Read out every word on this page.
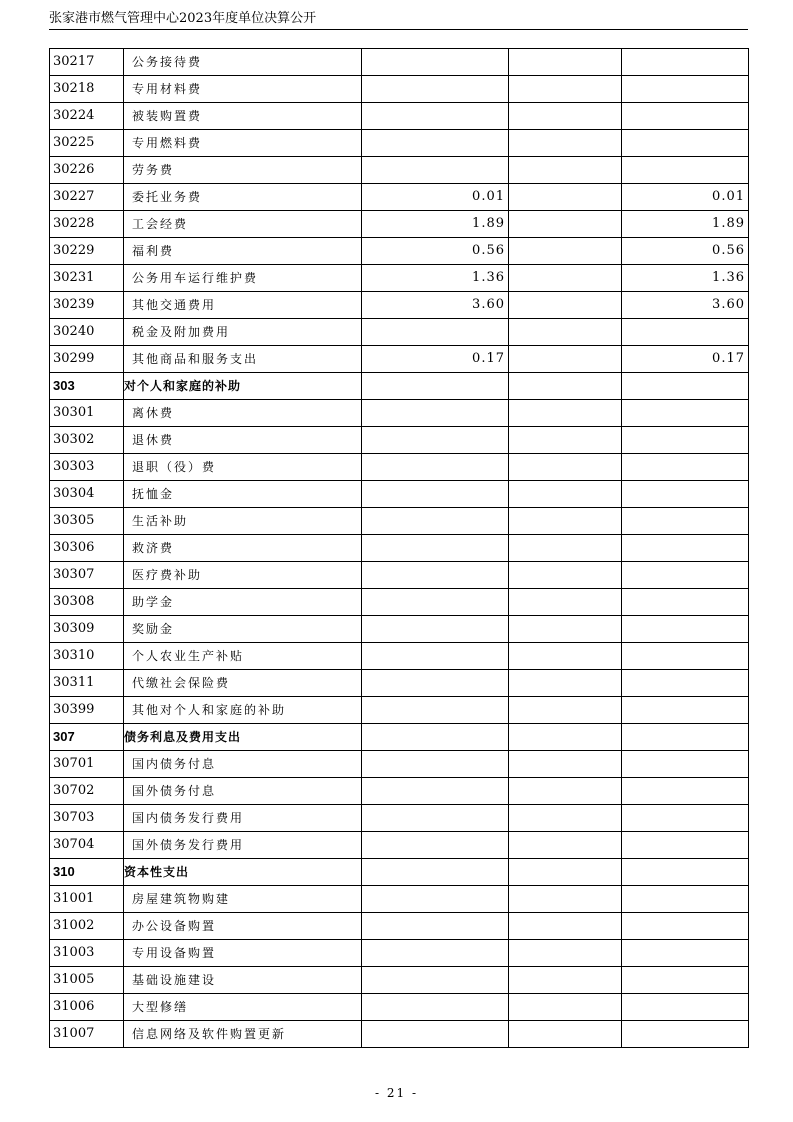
张家港市燃气管理中心2023年度单位决算公开
30217	公务接待费			
30218	专用材料费			
30224	被装购置费			
30225	专用燃料费			
30226	劳务费			
30227	委托业务费	0.01		0.01
30228	工会经费	1.89		1.89
30229	福利费	0.56		0.56
30231	公务用车运行维护费	1.36		1.36
30239	其他交通费用	3.60		3.60
30240	税金及附加费用			
30299	其他商品和服务支出	0.17		0.17
303	对个人和家庭的补助			
30301	离休费			
30302	退休费			
30303	退职（役）费			
30304	抚恤金			
30305	生活补助			
30306	救济费			
30307	医疗费补助			
30308	助学金			
30309	奖励金			
30310	个人农业生产补贴			
30311	代缴社会保险费			
30399	其他对个人和家庭的补助			
307	债务利息及费用支出			
30701	国内债务付息			
30702	国外债务付息			
30703	国内债务发行费用			
30704	国外债务发行费用			
310	资本性支出			
31001	房屋建筑物购建			
31002	办公设备购置			
31003	专用设备购置			
31005	基础设施建设			
31006	大型修缮			
31007	信息网络及软件购置更新			
- 21 -
